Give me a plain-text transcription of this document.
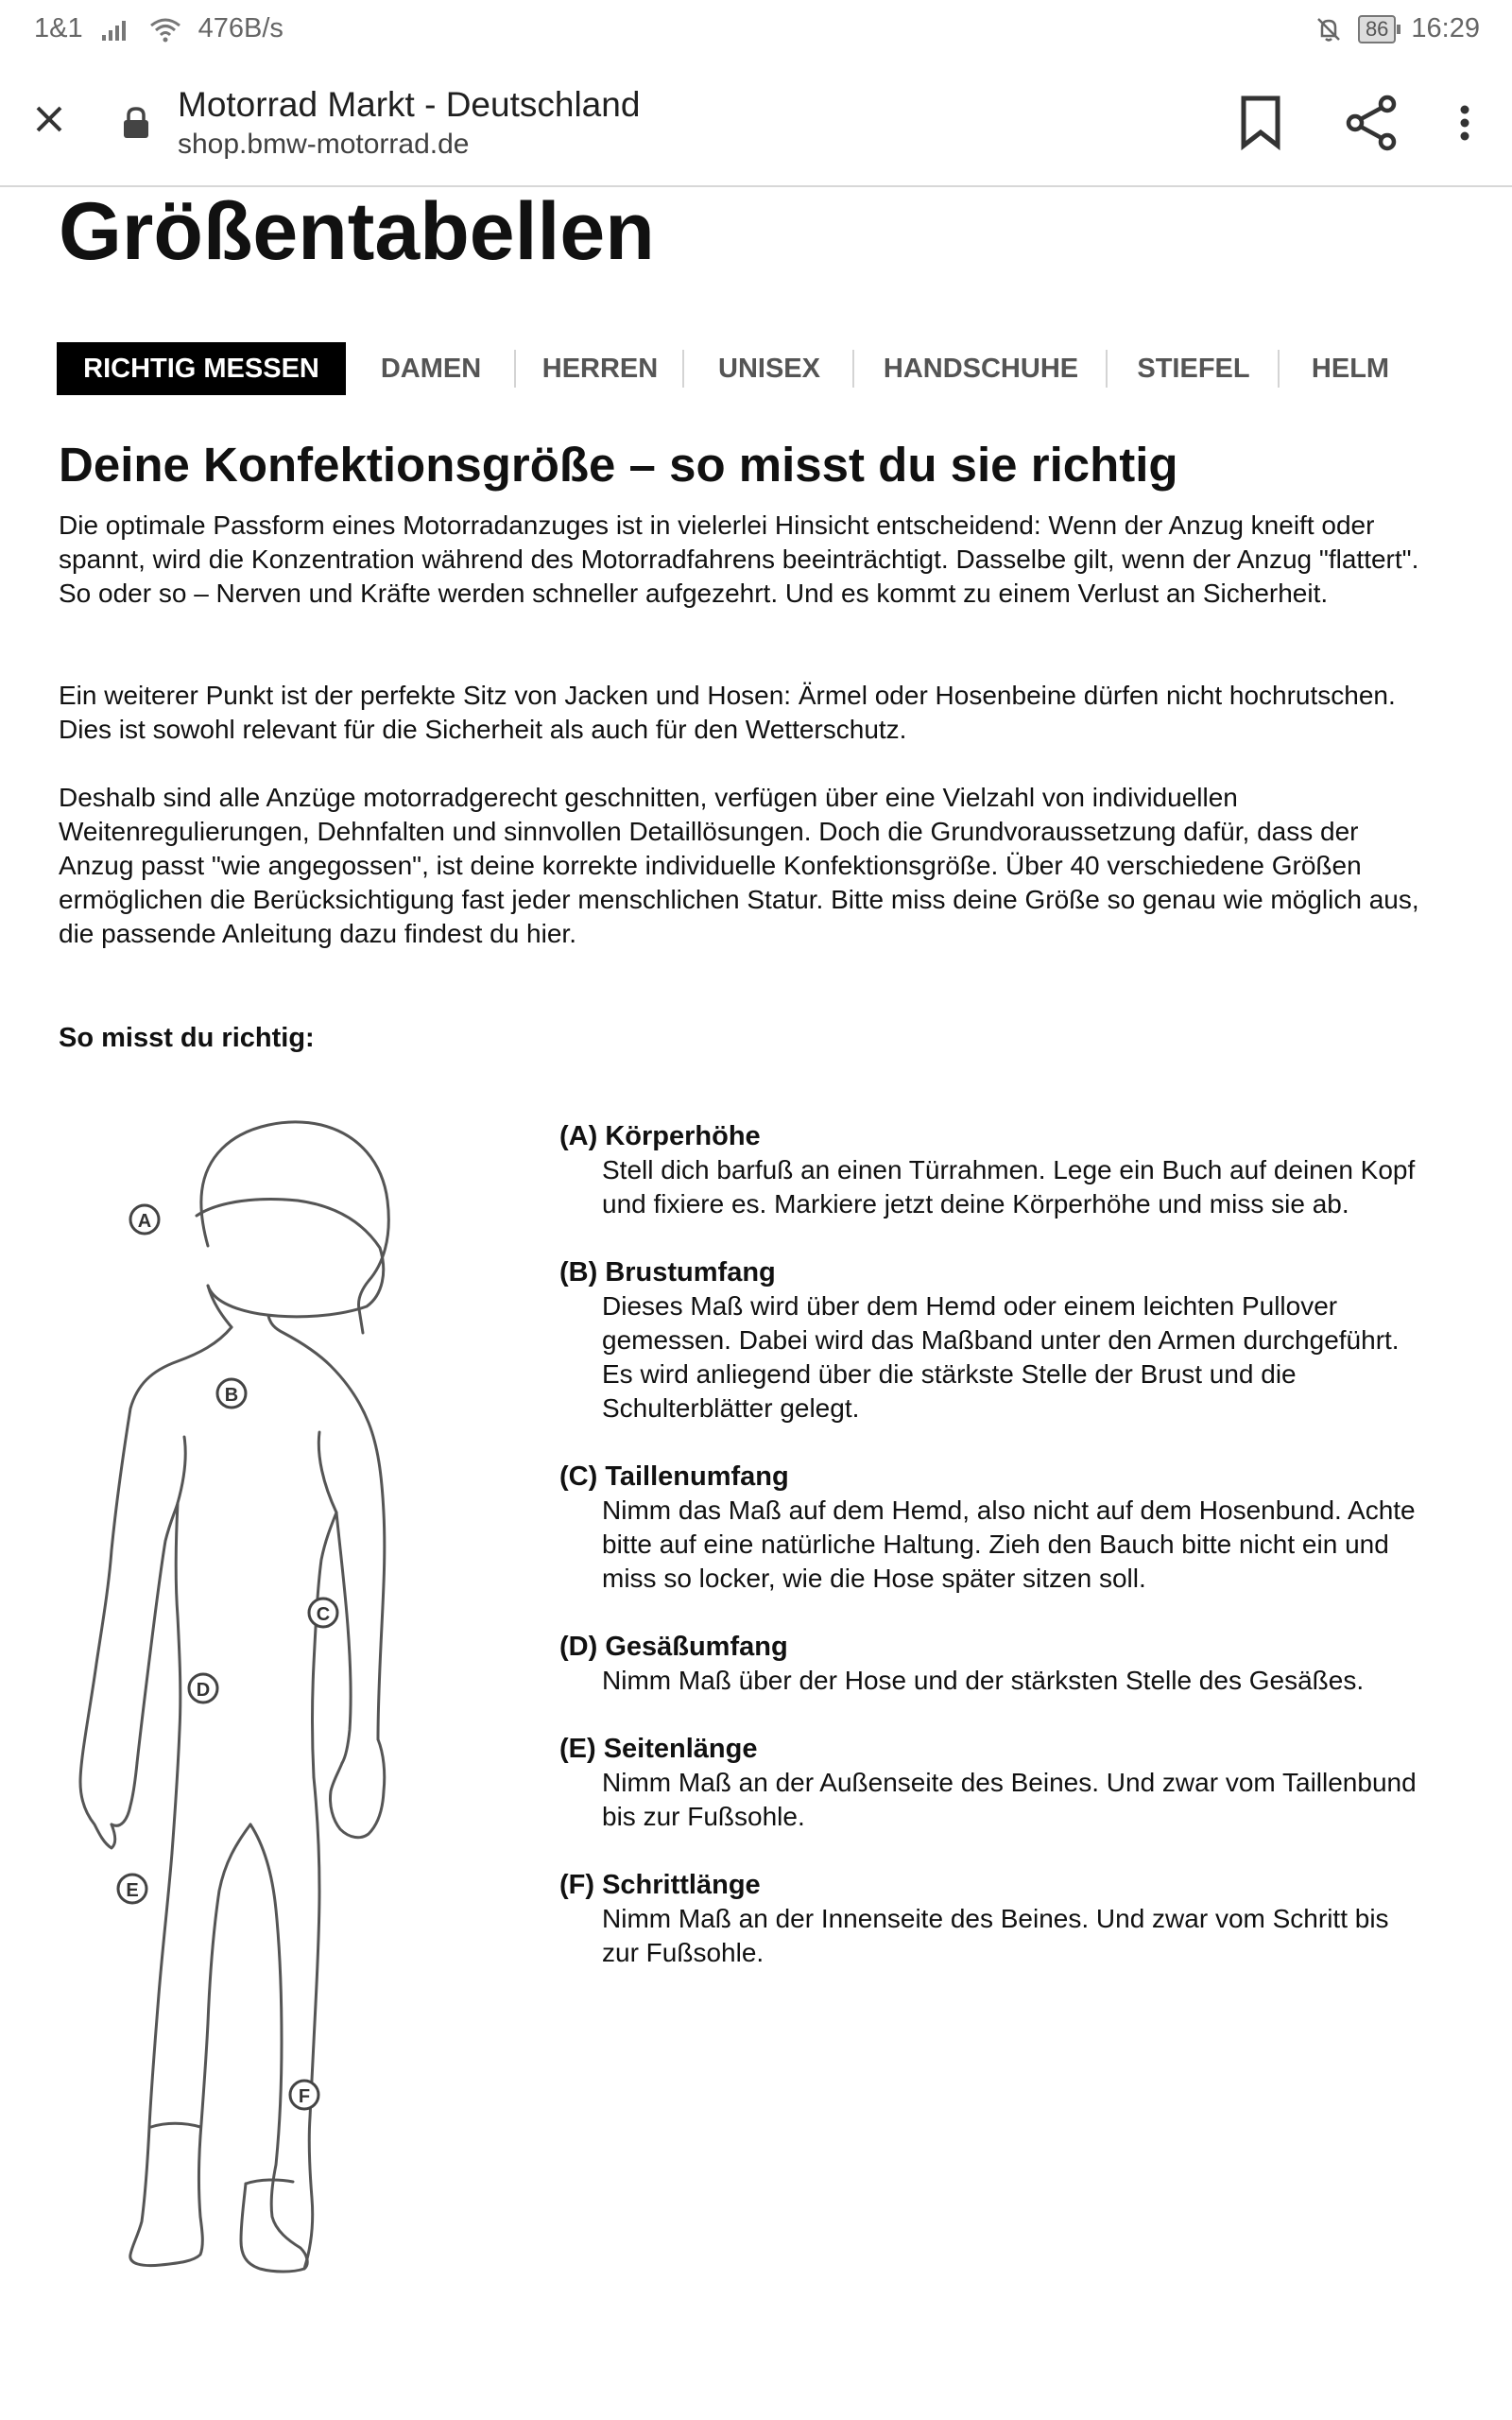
1&1	476B/s	86 16:29
Motorrad Markt - Deutschland
shop.bmw-motorrad.de
Größentabellen
RICHTIG MESSEN	DAMEN	HERREN	UNISEX	HANDSCHUHE	STIEFEL	HELM
Deine Konfektionsgröße – so misst du sie richtig

Die optimale Passform eines Motorradanzuges ist in vielerlei Hinsicht entscheidend: Wenn der Anzug kneift oder spannt, wird die Konzentration während des Motorradfahrens beeinträchtigt. Dasselbe gilt, wenn der Anzug "flattert". So oder so – Nerven und Kräfte werden schneller aufgezehrt. Und es kommt zu einem Verlust an Sicherheit.

Ein weiterer Punkt ist der perfekte Sitz von Jacken und Hosen: Ärmel oder Hosenbeine dürfen nicht hochrutschen. Dies ist sowohl relevant für die Sicherheit als auch für den Wetterschutz.

Deshalb sind alle Anzüge motorradgerecht geschnitten, verfügen über eine Vielzahl von individuellen Weitenregulierungen, Dehnfalten und sinnvollen Detaillösungen. Doch die Grundvoraussetzung dafür, dass der Anzug passt "wie angegossen", ist deine korrekte individuelle Konfektionsgröße. Über 40 verschiedene Größen ermöglichen die Berücksichtigung fast jeder menschlichen Statur. Bitte miss deine Größe so genau wie möglich aus, die passende Anleitung dazu findest du hier.

So misst du richtig:
A
B
C
D
E
F
(A) Körperhöhe
Stell dich barfuß an einen Türrahmen. Lege ein Buch auf deinen Kopf und fixiere es. Markiere jetzt deine Körperhöhe und miss sie ab.
(B) Brustumfang
Dieses Maß wird über dem Hemd oder einem leichten Pullover gemessen. Dabei wird das Maßband unter den Armen durchgeführt. Es wird anliegend über die stärkste Stelle der Brust und die Schulterblätter gelegt.
(C) Taillenumfang
Nimm das Maß auf dem Hemd, also nicht auf dem Hosenbund. Achte bitte auf eine natürliche Haltung. Zieh den Bauch bitte nicht ein und miss so locker, wie die Hose später sitzen soll.
(D) Gesäßumfang
Nimm Maß über der Hose und der stärksten Stelle des Gesäßes.
(E) Seitenlänge
Nimm Maß an der Außenseite des Beines. Und zwar vom Taillenbund bis zur Fußsohle.
(F) Schrittlänge
Nimm Maß an der Innenseite des Beines. Und zwar vom Schritt bis zur Fußsohle.
